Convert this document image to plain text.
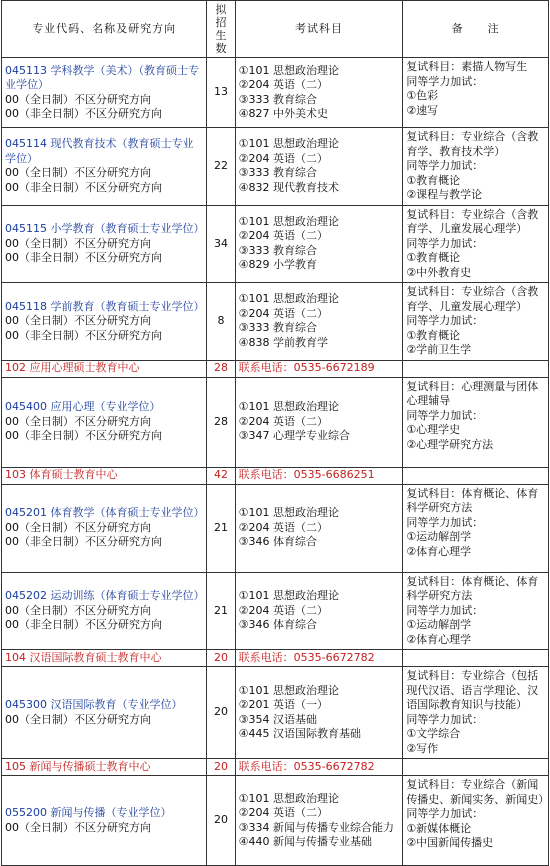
专业代码、名称及研究方向	拟招生数	考试科目	备　　注

045113 学科教学（美术）（教育硕士专业学位）
00（全日制）不区分研究方向
00（非全日制）不区分研究方向	13	①101 思想政治理论
②204 英语（二）
③333 教育综合
④827 中外美术史	复试科目：素描人物写生
同等学力加试：
①色彩
②速写

045114 现代教育技术（教育硕士专业学位）
00（全日制）不区分研究方向
00（非全日制）不区分研究方向	22	①101 思想政治理论
②204 英语（二）
③333 教育综合
④832 现代教育技术	复试科目：专业综合（含教育学、教育技术学）
同等学力加试：
①教育概论
②课程与教学论

045115 小学教育（教育硕士专业学位）
00（全日制）不区分研究方向
00（非全日制）不区分研究方向	34	①101 思想政治理论
②204 英语（二）
③333 教育综合
④829 小学教育	复试科目：专业综合（含教育学、儿童发展心理学）
同等学力加试：
①教育概论
②中外教育史

045118 学前教育（教育硕士专业学位）
00（全日制）不区分研究方向
00（非全日制）不区分研究方向	8	①101 思想政治理论
②204 英语（二）
③333 教育综合
④838 学前教育学	复试科目：专业综合（含教育学、儿童发展心理学）
同等学力加试：
①教育概论
②学前卫生学

102 应用心理硕士教育中心	28	联系电话：0535-6672189	

045400 应用心理（专业学位）
00（全日制）不区分研究方向
00（非全日制）不区分研究方向	28	①101 思想政治理论
②204 英语（二）
③347 心理学专业综合	复试科目：心理测量与团体心理辅导
同等学力加试：
①心理学史
②心理学研究方法

103 体育硕士教育中心	42	联系电话：0535-6686251	

045201 体育教学（体育硕士专业学位）
00（全日制）不区分研究方向
00（非全日制）不区分研究方向	21	①101 思想政治理论
②204 英语（二）
③346 体育综合	复试科目：体育概论、体育科学研究方法
同等学力加试：
①运动解剖学
②体育心理学

045202 运动训练（体育硕士专业学位）
00（全日制）不区分研究方向
00（非全日制）不区分研究方向	21	①101 思想政治理论
②204 英语（二）
③346 体育综合	复试科目：体育概论、体育科学研究方法
同等学力加试：
①运动解剖学
②体育心理学

104 汉语国际教育硕士教育中心	20	联系电话：0535-6672782	

045300 汉语国际教育（专业学位）
00（全日制）不区分研究方向	20	①101 思想政治理论
②201 英语（一）
③354 汉语基础
④445 汉语国际教育基础	复试科目：专业综合（包括现代汉语、语言学理论、汉语国际教育知识与技能）
同等学力加试：
①文学综合
②写作

105 新闻与传播硕士教育中心	20	联系电话：0535-6672782	

055200 新闻与传播（专业学位）
00（全日制）不区分研究方向	20	①101 思想政治理论
②204 英语（二）
③334 新闻与传播专业综合能力
④440 新闻与传播专业基础	复试科目：专业综合（新闻传播史、新闻实务、新闻史）
同等学力加试：
①新媒体概论
②中国新闻传播史
